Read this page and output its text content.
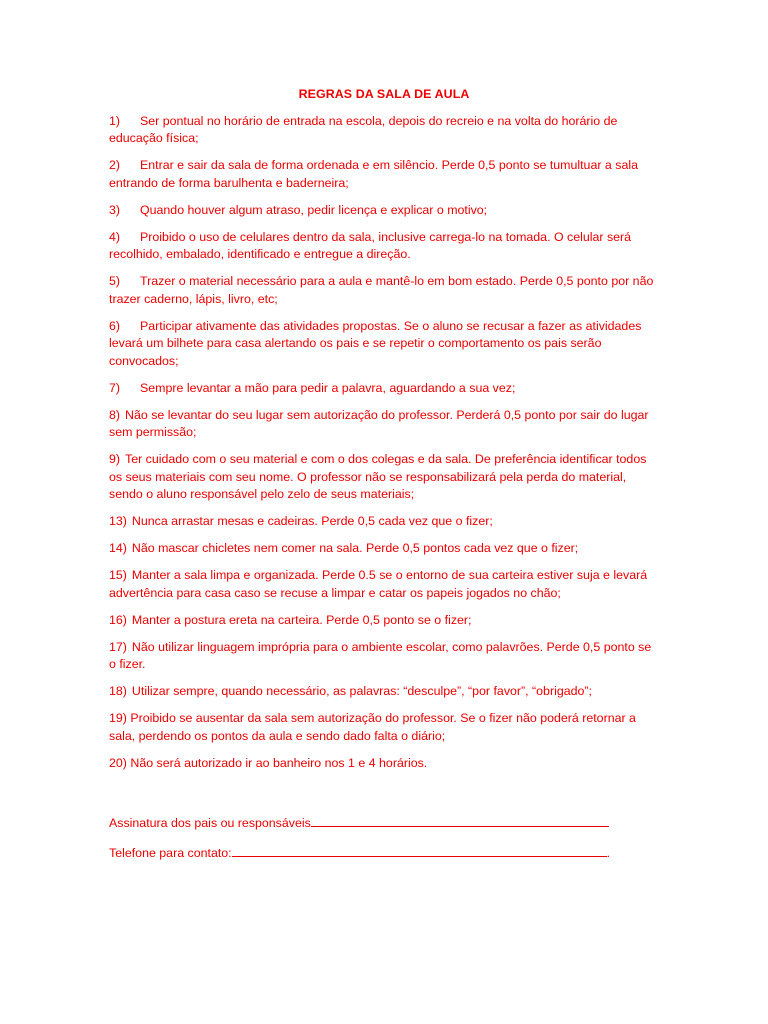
REGRAS DA SALA DE AULA
1) Ser pontual no horário de entrada na escola, depois do recreio e na volta do horário de educação física;
2) Entrar e sair da sala de forma ordenada e em silêncio. Perde 0,5 ponto se tumultuar a sala entrando de forma barulhenta e baderneira;
3) Quando houver algum atraso, pedir licença e explicar o motivo;
4) Proibido o uso de celulares dentro da sala, inclusive carrega-lo na tomada. O celular será recolhido, embalado, identificado e entregue a direção.
5) Trazer o material necessário para a aula e mantê-lo em bom estado. Perde 0,5 ponto por não trazer caderno, lápis, livro, etc;
6) Participar ativamente das atividades propostas. Se o aluno se recusar a fazer as atividades levará um bilhete para casa alertando os pais e se repetir o comportamento os pais serão convocados;
7) Sempre levantar a mão para pedir a palavra, aguardando a sua vez;
8) Não se levantar do seu lugar sem autorização do professor. Perderá 0,5 ponto por sair do lugar sem permissão;
9) Ter cuidado com o seu material e com o dos colegas e da sala. De preferência identificar todos os seus materiais com seu nome. O professor não se responsabilizará pela perda do material, sendo o aluno responsável pelo zelo de seus materiais;
13) Nunca arrastar mesas e cadeiras. Perde 0,5 cada vez que o fizer;
14) Não mascar chicletes nem comer na sala. Perde 0,5 pontos cada vez que o fizer;
15) Manter a sala limpa e organizada. Perde 0.5 se o entorno de sua carteira estiver suja e levará advertência para casa caso se recuse a limpar e catar os papeis jogados no chão;
16) Manter a postura ereta na carteira. Perde 0,5 ponto se o fizer;
17) Não utilizar linguagem imprópria para o ambiente escolar, como palavrões. Perde 0,5 ponto se o fizer.
18) Utilizar sempre, quando necessário, as palavras: “desculpe”, “por favor”, “obrigado”;
19) Proibido se ausentar da sala sem autorização do professor. Se o fizer não poderá retornar a sala, perdendo os pontos da aula e sendo dado falta o diário;
20) Não será autorizado ir ao banheiro nos 1 e 4 horários.
Assinatura dos pais ou responsáveis
Telefone para contato:	.
